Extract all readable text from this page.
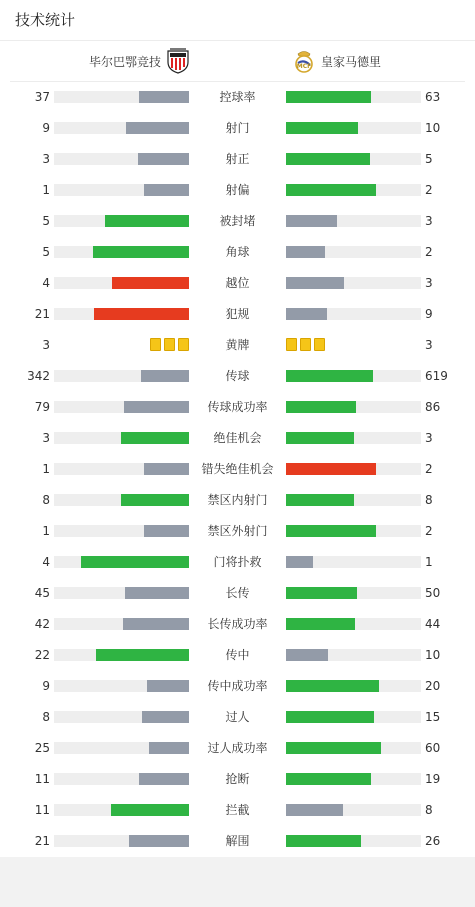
技术统计
毕尔巴鄂竞技	MCF 皇家马德里
37	控球率	63
9	射门	10
3	射正	5
1	射偏	2
5	被封堵	3
5	角球	2
4	越位	3
21	犯规	9
3	黄牌	3
342	传球	619
79	传球成功率	86
3	绝佳机会	3
1	错失绝佳机会	2
8	禁区内射门	8
1	禁区外射门	2
4	门将扑救	1
45	长传	50
42	长传成功率	44
22	传中	10
9	传中成功率	20
8	过人	15
25	过人成功率	60
11	抢断	19
11	拦截	8
21	解围	26
